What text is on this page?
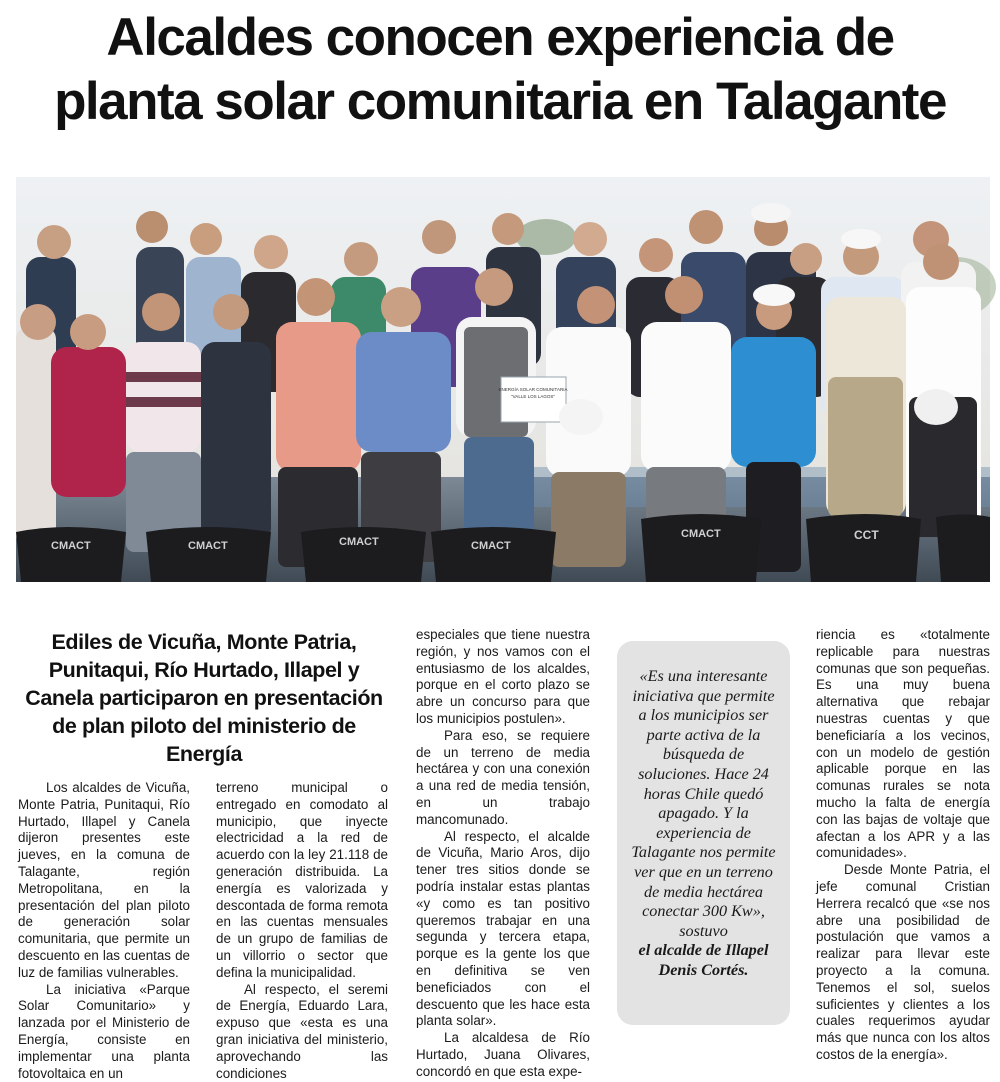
Alcaldes conocen experiencia de
planta solar comunitaria en Talagante
ENERGÍA SOLAR COMUNITARIA
"VALLE LOS LAGOS"
CMACT	CMACT	CMACT	CMACT
CMACT	CCT
Ediles de Vicuña, Monte Patria, Punitaqui, Río Hurtado, Illapel y Canela participaron en presentación de plan piloto del ministerio de Energía

Los alcaldes de Vicuña, Monte Patria, Punitaqui, Río Hurtado, Illapel y Canela dijeron presentes este jueves, en la comuna de Talagante, región Metropolitana, en la presentación del plan piloto de generación solar comunitaria, que permite un descuento en las cuentas de luz de familias vulnerables.

La iniciativa «Parque Solar Comunitario» y lanzada por el Ministerio de Energía, consiste en implementar una planta fotovoltaica en un

terreno municipal o entregado en comodato al municipio, que inyecte electricidad a la red de acuerdo con la ley 21.118 de generación distribuida. La energía es valorizada y descontada de forma remota en las cuentas mensuales de un grupo de familias de un villorrio o sector que defina la municipalidad.

Al respecto, el seremi de Energía, Eduardo Lara, expuso que «esta es una gran iniciativa del ministerio, aprovechando las condiciones

especiales que tiene nuestra región, y nos vamos con el entusiasmo de los alcaldes, porque en el corto plazo se abre un concurso para que los municipios postulen».

Para eso, se requiere de un terreno de media hectárea y con una conexión a una red de media tensión, en un trabajo mancomunado.

Al respecto, el alcalde de Vicuña, Mario Aros, dijo tener tres sitios donde se podría instalar estas plantas «y como es tan positivo queremos trabajar en una segunda y tercera etapa, porque es la gente los que en definitiva se ven beneficiados con el descuento que les hace esta planta solar».

La alcaldesa de Río Hurtado, Juana Olivares, concordó en que esta expe-

«Es una interesante iniciativa que permite a los municipios ser parte activa de la búsqueda de soluciones. Hace 24 horas Chile quedó apagado. Y la experiencia de Talagante nos permite ver que en un terreno de media hectárea conectar 300 Kw», sostuvo
el alcalde de Illapel Denis Cortés.

riencia es «totalmente replicable para nuestras comunas que son pequeñas. Es una muy buena alternativa que rebajar nuestras cuentas y que beneficiaría a los vecinos, con un modelo de gestión aplicable porque en las comunas rurales se nota mucho la falta de energía con las bajas de voltaje que afectan a los APR y a las comunidades».

Desde Monte Patria, el jefe comunal Cristian Herrera recalcó que «se nos abre una posibilidad de postulación que vamos a realizar para llevar este proyecto a la comuna. Tenemos el sol, suelos suficientes y clientes a los cuales requerimos ayudar más que nunca con los altos costos de la energía».
